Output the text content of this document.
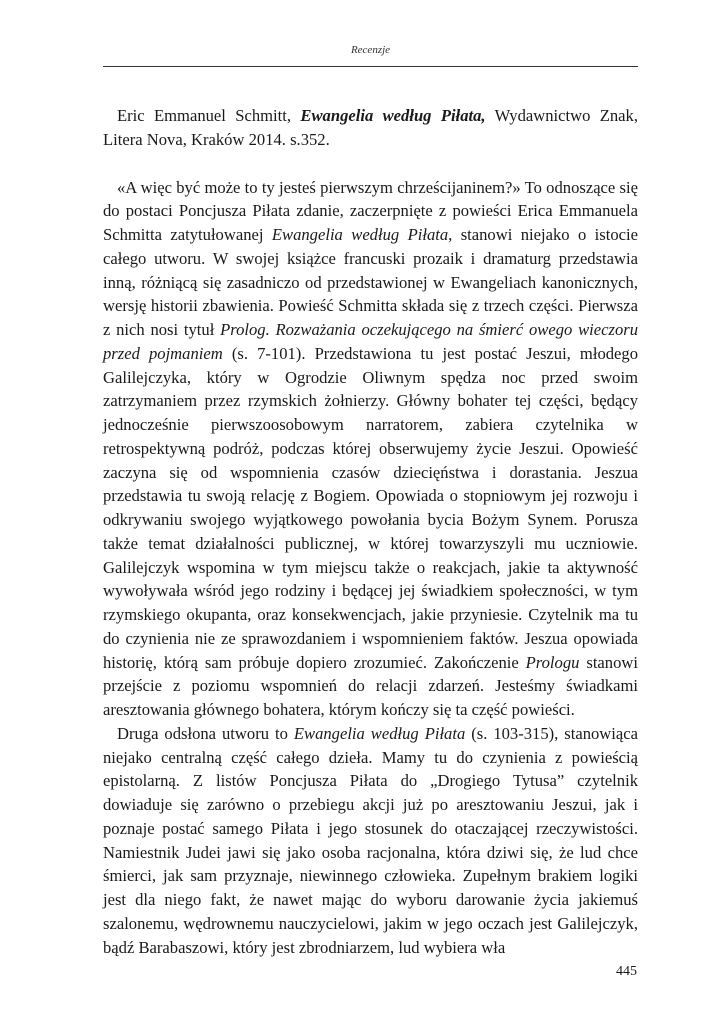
Recenzje

Eric Emmanuel Schmitt, Ewangelia według Piłata, Wydawnictwo Znak, Litera Nova, Kraków 2014. s.352.

«A więc być może to ty jesteś pierwszym chrześcijaninem?» To odnoszące się do postaci Poncjusza Piłata zdanie, zaczerpnięte z powieści Erica Emmanuela Schmitta zatytułowanej Ewangelia według Piłata, stanowi niejako o istocie całego utworu. W swojej książce francuski prozaik i dramaturg przedstawia inną, różniącą się zasadniczo od przedstawionej w Ewangeliach kanonicznych, wersję historii zbawienia. Powieść Schmitta składa się z trzech części. Pierwsza z nich nosi tytuł Prolog. Rozważania oczekującego na śmierć owego wieczoru przed pojmaniem (s. 7-101). Przedstawiona tu jest postać Jeszui, młodego Galilejczyka, który w Ogrodzie Oliwnym spędza noc przed swoim zatrzymaniem przez rzymskich żołnierzy. Główny bohater tej części, będący jednocześnie pierwszoosobowym narratorem, zabiera czytelnika w retrospektywną podróż, podczas której obserwujemy życie Jeszui. Opowieść zaczyna się od wspomnienia czasów dziecięństwa i dorastania. Jeszua przedstawia tu swoją relację z Bogiem. Opowiada o stopniowym jej rozwoju i odkrywaniu swojego wyjątkowego powołania bycia Bożym Synem. Porusza także temat działalności publicznej, w której towarzyszyli mu uczniowie. Galilejczyk wspomina w tym miejscu także o reakcjach, jakie ta aktywność wywoływała wśród jego rodziny i będącej jej świadkiem społeczności, w tym rzymskiego okupanta, oraz konsekwencjach, jakie przyniesie. Czytelnik ma tu do czynienia nie ze sprawozdaniem i wspomnieniem faktów. Jeszua opowiada historię, którą sam próbuje dopiero zrozumieć. Zakończenie Prologu stanowi przejście z poziomu wspomnień do relacji zdarzeń. Jesteśmy świadkami aresztowania głównego bohatera, którym kończy się ta część powieści.

Druga odsłona utworu to Ewangelia według Piłata (s. 103-315), stanowiąca niejako centralną część całego dzieła. Mamy tu do czynienia z powieścią epistolarną. Z listów Poncjusza Piłata do „Drogiego Tytusa” czytelnik dowiaduje się zarówno o przebiegu akcji już po aresztowaniu Jeszui, jak i poznaje postać samego Piłata i jego stosunek do otaczającej rzeczywistości. Namiestnik Judei jawi się jako osoba racjonalna, która dziwi się, że lud chce śmierci, jak sam przyznaje, niewinnego człowieka. Zupełnym brakiem logiki jest dla niego fakt, że nawet mając do wyboru darowanie życia jakiemuś szalonemu, wędrownemu nauczycielowi, jakim w jego oczach jest Galilejczyk, bądź Barabaszowi, który jest zbrodniarzem, lud wybiera wła

445
